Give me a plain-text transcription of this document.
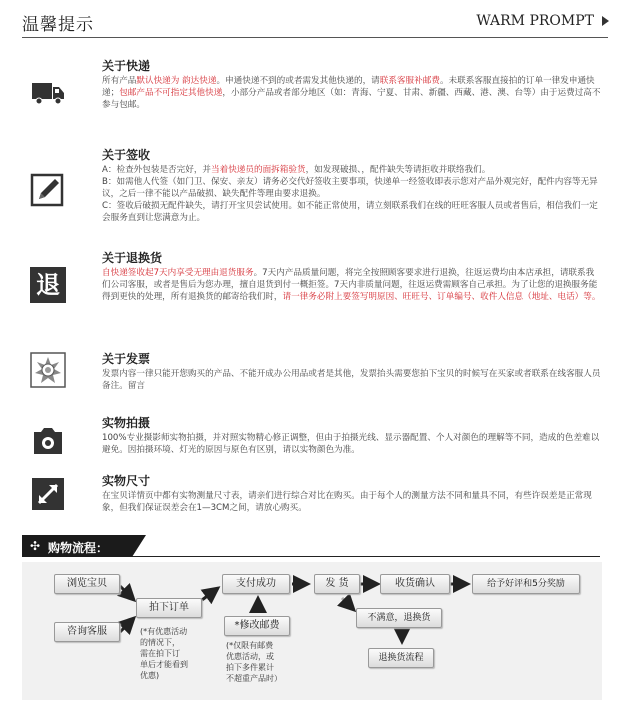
温馨提示	WARM PROMPT
关于快递
所有产品默认快递为 韵达快递。申通快递不到的或者需发其他快递的，请联系客服补邮费。未联系客服直接拍的订单一律发申通快递；包邮产品不可指定其他快递，小部分产品或者部分地区（如：青海、宁夏、甘肃、新疆、西藏、港、澳、台等）由于运费过高不参与包邮。
关于签收
A：检查外包装是否完好，并当着快递员的面拆箱验货，如发现破损、，配件缺失等请拒收并联络我们。
B：如需他人代签（如门卫、保安、亲友）请务必交代好签收主要事项，快递单一经签收即表示您对产品外观完好，配件内容等无异议，之后一律不能以产品破损、缺失配件等理由要求退换。
C：签收后破损无配件缺失，请打开宝贝尝试使用。如不能正常使用，请立刻联系我们在线的旺旺客服人员或者售后，相信我们一定会服务直到让您满意为止。
退
关于退换货
自快递签收起7天内享受无理由退货服务。7天内产品质量问题，将完全按照顾客要求进行退换，往返运费均由本店承担，请联系我们公司客服，或者是售后为您办理，擅自退货到付一概拒签。7天内非质量问题，往返运费需顾客自己承担。为了让您的退换服务能得到更快的处理，所有退换货的邮寄给我们时，请一律务必附上要签写明原因、旺旺号、订单编号、收件人信息（地址、电话）等。
关于发票
发票内容一律只能开您购买的产品、不能开成办公用品或者是其他，发票抬头需要您拍下宝贝的时候写在买家或者联系在线客服人员备注。留言
实物拍摄
100%专业摄影师实物拍摄，并对照实物精心修正调整，但由于拍摄光线、显示器配置、个人对颜色的理解等不同，造成的色差难以避免。因拍摄环境、灯光的原因与原色有区别，请以实物颜色为准。
实物尺寸
在宝贝详情页中都有实物测量尺寸表，请亲们进行综合对比在购买。由于每个人的测量方法不同和量具不同，有些许误差是正常现象，但我们保证误差会在1—3CM之间，请放心购买。
✣ 购物流程：
浏览宝贝
咨询客服
拍下订单
支付成功	发 货	收货确认	给予好评和5分奖励
*修改邮费
不满意，退换货
退换货流程
(*有优惠活动
的情况下，
需在拍下订
单后才能看到
优惠)
(*仅限有邮费
优惠活动，或
拍下多件累计
不超重产品时）
